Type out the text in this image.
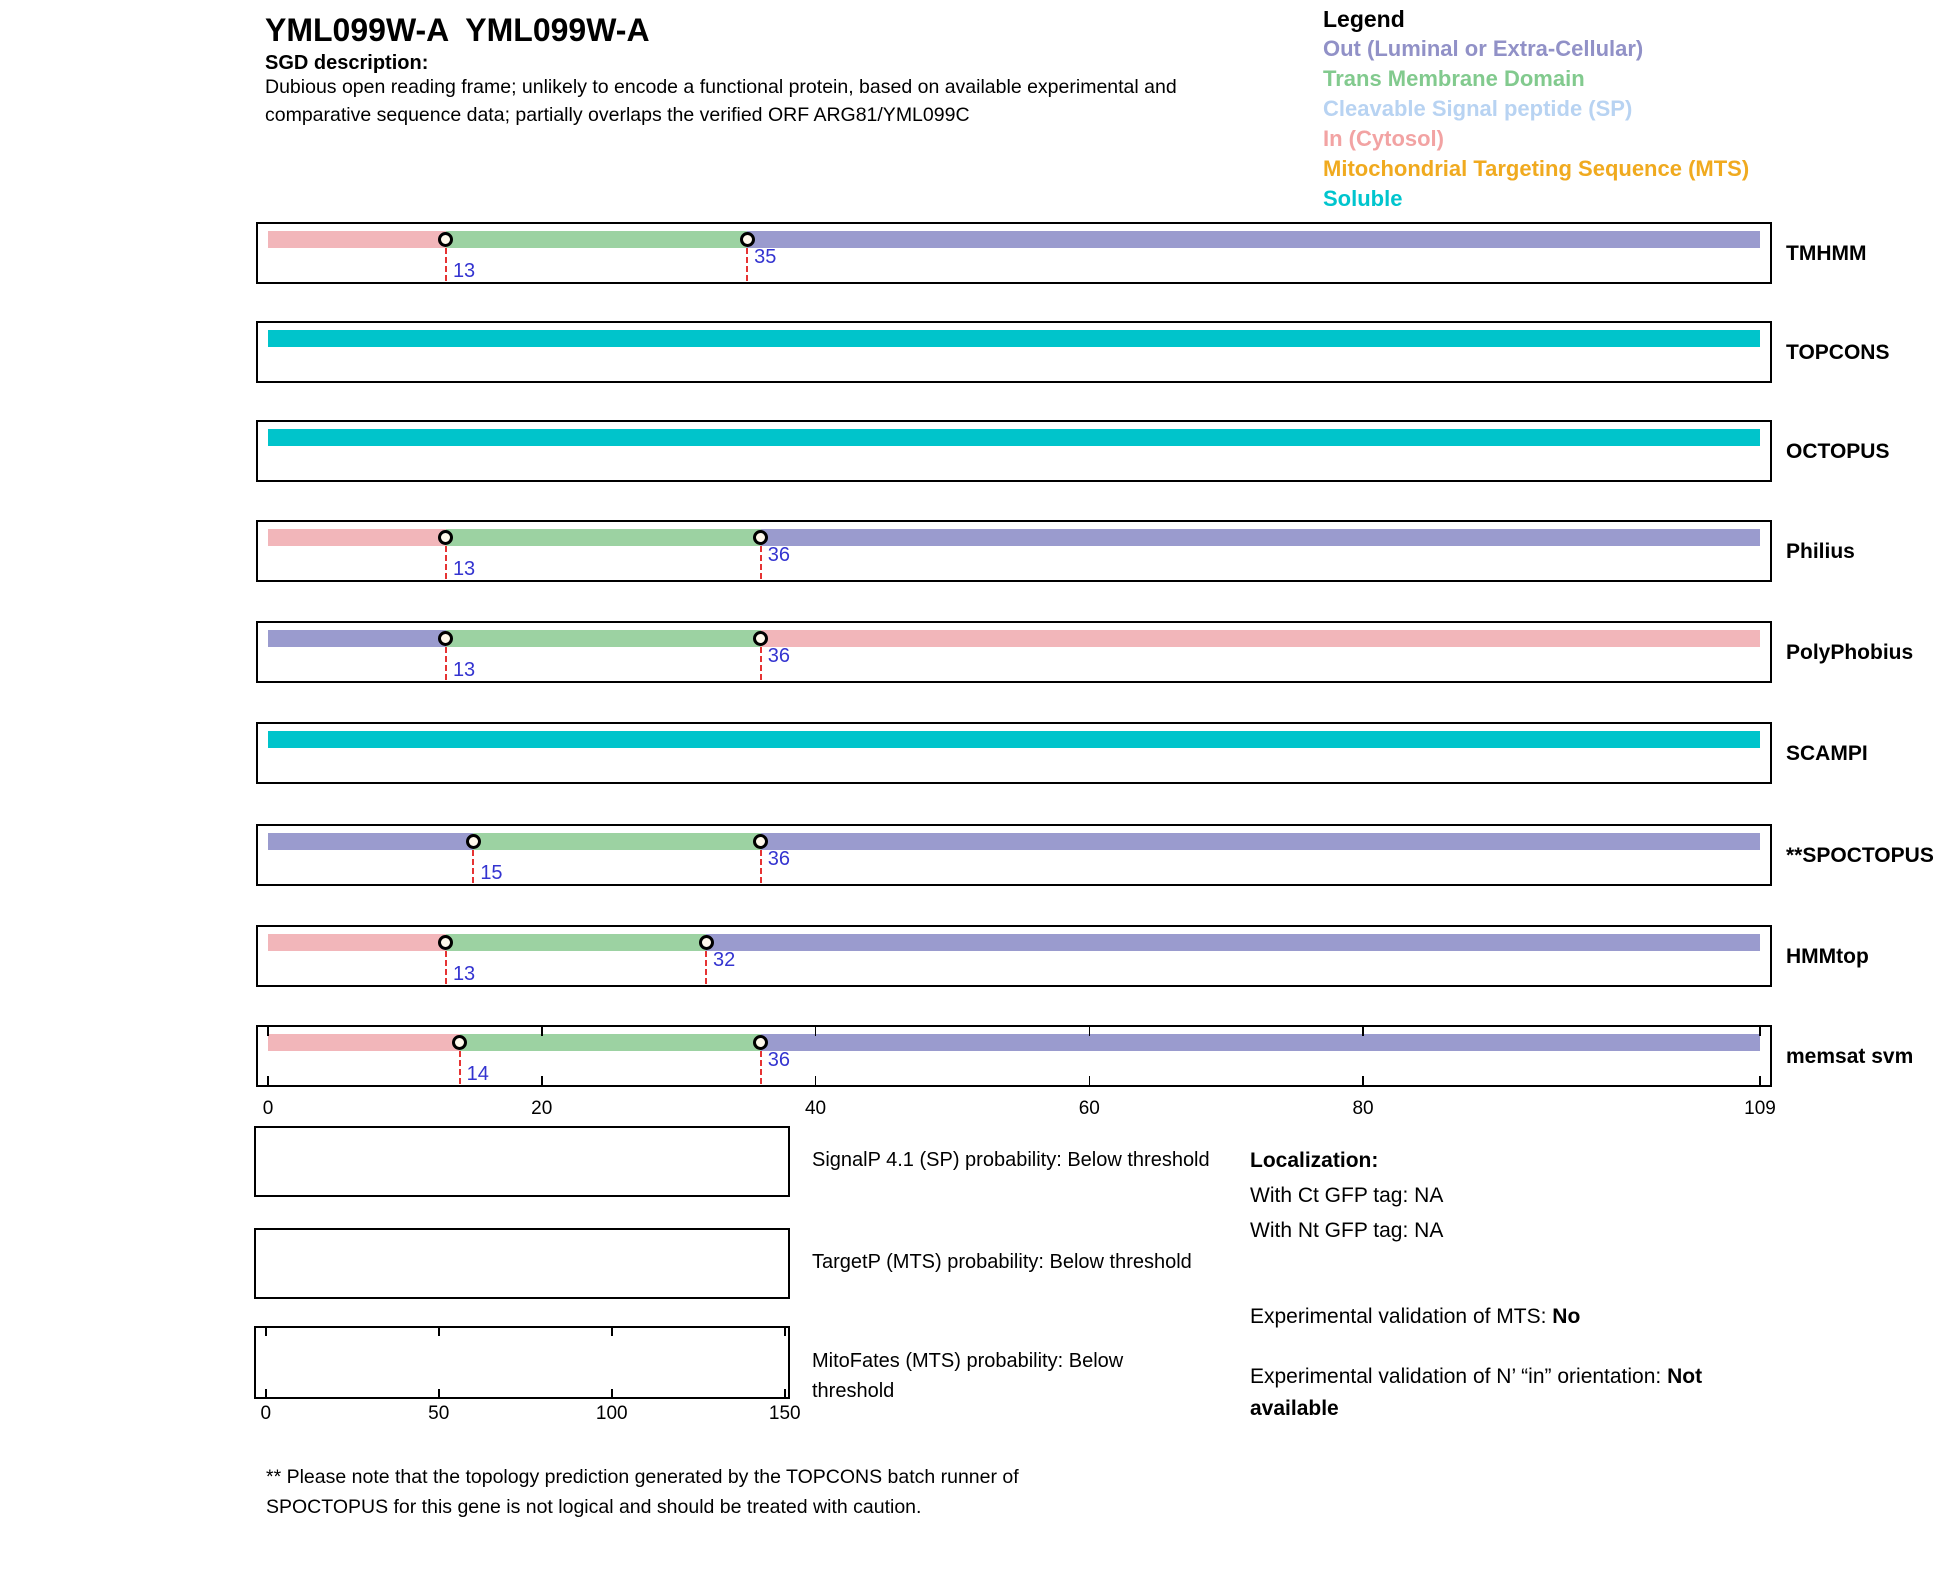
YML099W-A  YML099W-A
SGD description:
Dubious open reading frame; unlikely to encode a functional protein, based on available experimental and
comparative sequence data; partially overlaps the verified ORF ARG81/YML099C
Legend
Out (Luminal or Extra-Cellular)
Trans Membrane Domain
Cleavable Signal peptide (SP)
In (Cytosol)
Mitochondrial Targeting Sequence (MTS)
Soluble
Localization:
With Ct GFP tag: NA
With Nt GFP tag: NA
Experimental validation of MTS: No
Experimental validation of N’ “in” orientation: Not
available
** Please note that the topology prediction generated by the TOPCONS batch runner of
SPOCTOPUS for this gene is not logical and should be treated with caution.
13
35	TMHMM
TOPCONS
OCTOPUS
13
36	Philius
13
36	PolyPhobius
SCAMPI
15
36	**SPOCTOPUS
13
32	HMMtop
14
36	memsat svm
0	20	40	60	80	109
SignalP 4.1 (SP) probability: Below threshold
TargetP (MTS) probability: Below threshold
0	50	100	150
MitoFates (MTS) probability: Below
threshold
